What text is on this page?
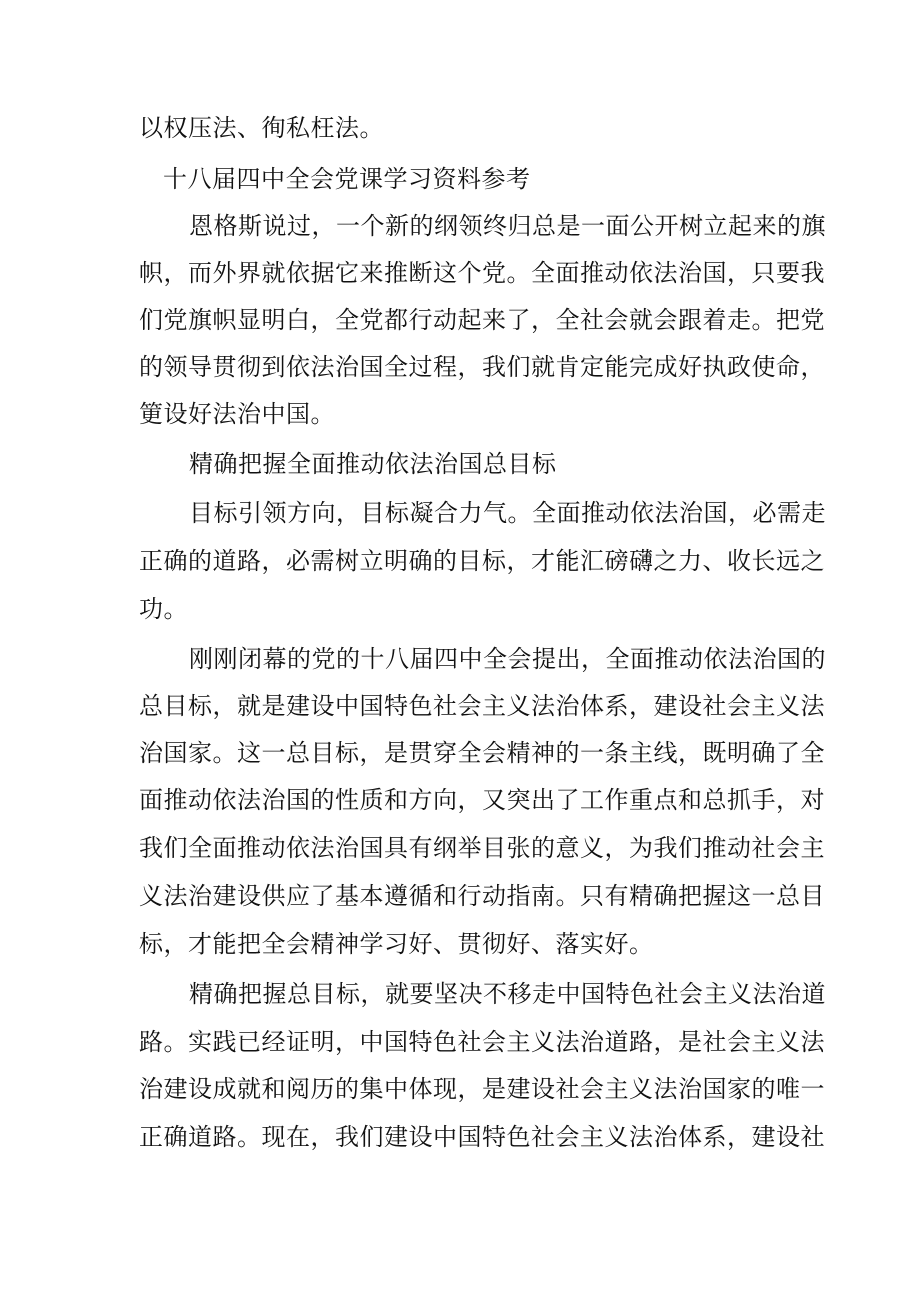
以权压法、徇私枉法。
十八届四中全会党课学习资料参考
恩格斯说过，一个新的纲领终归总是一面公开树立起来的旗
帜，而外界就依据它来推断这个党。全面推动依法治国，只要我
们党旗帜显明白，全党都行动起来了，全社会就会跟着走。把党
的领导贯彻到依法治国全过程，我们就肯定能完成好执政使命，
筻设好法治中国。
精确把握全面推动依法治国总目标
目标引领方向，目标凝合力气。全面推动依法治国，必需走
正确的道路，必需树立明确的目标，才能汇磅礴之力、收长远之
功。
刚刚闭幕的党的十八届四中全会提出，全面推动依法治国的
总目标，就是建设中国特色社会主义法治体系，建设社会主义法
治国家。这一总目标，是贯穿全会精神的一条主线，既明确了全
面推动依法治国的性质和方向，又突出了工作重点和总抓手，对
我们全面推动依法治国具有纲举目张的意义，为我们推动社会主
义法治建设供应了基本遵循和行动指南。只有精确把握这一总目
标，才能把全会精神学习好、贯彻好、落实好。
精确把握总目标，就要坚决不移走中国特色社会主义法治道
路。实践已经证明，中国特色社会主义法治道路，是社会主义法
治建设成就和阅历的集中体现，是建设社会主义法治国家的唯一
正确道路。现在，我们建设中国特色社会主义法治体系，建设社
